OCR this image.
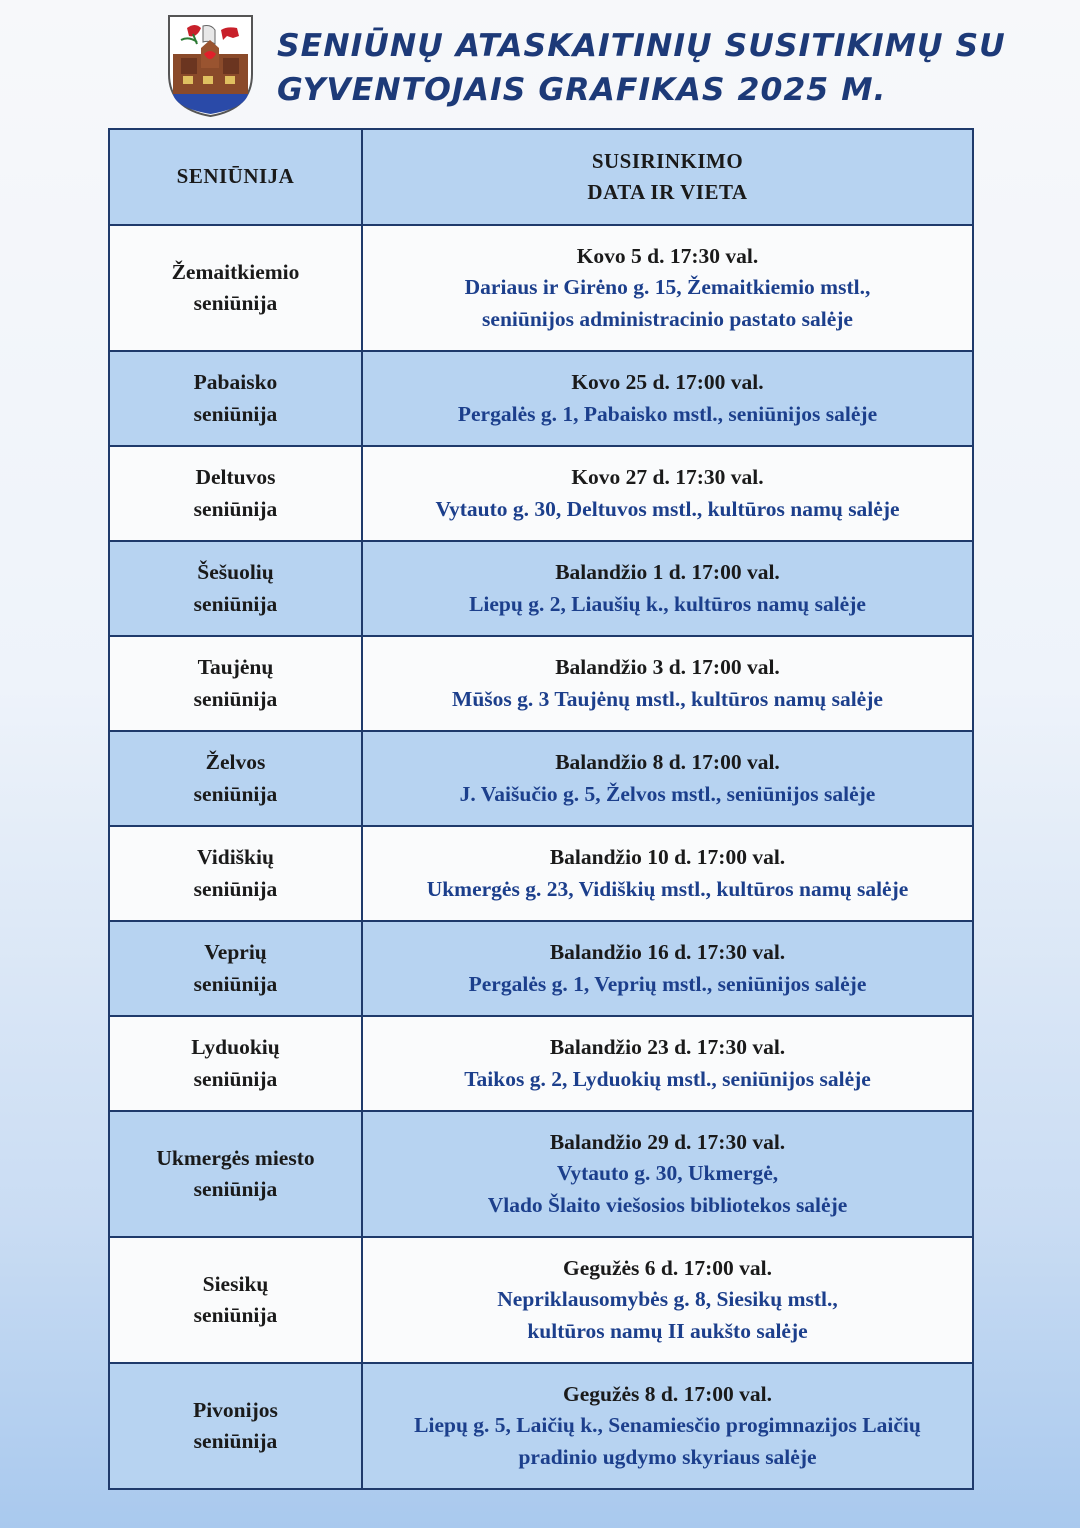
SENIŪNŲ ATASKAITINIŲ SUSITIKIMŲ SU
GYVENTOJAIS GRAFIKAS 2025 M.
SENIŪNIJA	SUSIRINKIMO
DATA IR VIETA

Žemaitkiemio
seniūnija	Kovo 5 d. 17:30 val.
Dariaus ir Girėno g. 15, Žemaitkiemio mstl.,
seniūnijos administracinio pastato salėje

Pabaisko
seniūnija	Kovo 25 d. 17:00 val.
Pergalės g. 1, Pabaisko mstl., seniūnijos salėje

Deltuvos
seniūnija	Kovo 27 d. 17:30 val.
Vytauto g. 30, Deltuvos mstl., kultūros namų salėje

Šešuolių
seniūnija	Balandžio 1 d. 17:00 val.
Liepų g. 2, Liaušių k., kultūros namų salėje

Taujėnų
seniūnija	Balandžio 3 d. 17:00 val.
Mūšos g. 3 Taujėnų mstl., kultūros namų salėje

Želvos
seniūnija	Balandžio 8 d. 17:00 val.
J. Vaišučio g. 5, Želvos mstl., seniūnijos salėje

Vidiškių
seniūnija	Balandžio 10 d. 17:00 val.
Ukmergės g. 23, Vidiškių mstl., kultūros namų salėje

Veprių
seniūnija	Balandžio 16 d. 17:30 val.
Pergalės g. 1, Veprių mstl., seniūnijos salėje

Lyduokių
seniūnija	Balandžio 23 d. 17:30 val.
Taikos g. 2, Lyduokių mstl., seniūnijos salėje

Ukmergės miesto
seniūnija	Balandžio 29 d. 17:30 val.
Vytauto g. 30, Ukmergė,
Vlado Šlaito viešosios bibliotekos salėje

Siesikų
seniūnija	Gegužės 6 d. 17:00 val.
Nepriklausomybės g. 8, Siesikų mstl.,
kultūros namų II aukšto salėje

Pivonijos
seniūnija	Gegužės 8 d. 17:00 val.
Liepų g. 5, Laičių k., Senamiesčio progimnazijos Laičių
pradinio ugdymo skyriaus salėje
